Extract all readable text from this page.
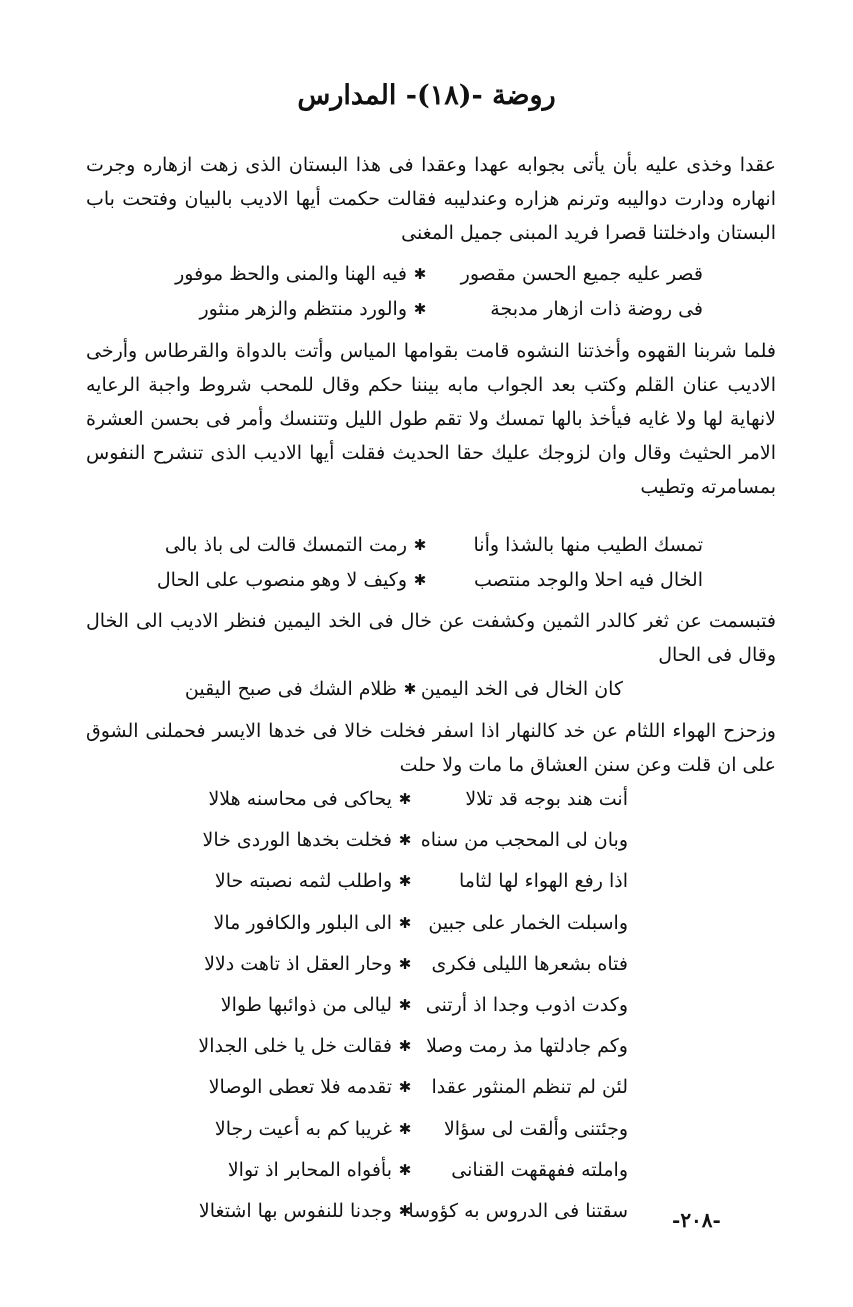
روضة -(١٨)- المدارس

عقدا وخذى عليه بأن يأتى بجوابه عهدا وعقدا فى هذا البستان الذى زهت ازهاره وجرت انهاره ودارت دواليبه وترنم هزاره وعندليبه فقالت حكمت أيها الاديب بالبيان وفتحت باب البستان وادخلتنا قصرا فريد المبنى جميل المغنى

قصر عليه جميع الحسن مقصور
✱
فيه الهنا والمنى والحظ موفور
فى روضة ذات ازهار مدبجة
✱
والورد منتظم والزهر منثور

فلما شربنا القهوه وأخذتنا النشوه قامت بقوامها المياس وأتت بالدواة والقرطاس وأرخى الاديب عنان القلم وكتب بعد الجواب مابه بيننا حكم وقال للمحب شروط واجبة الرعايه لانهاية لها ولا غايه فيأخذ بالها تمسك ولا تقم طول الليل وتتنسك وأمر فى بحسن العشرة الامر الحثيث وقال وان لزوجك عليك حقا الحديث فقلت أيها الاديب الذى تنشرح النفوس بمسامرته وتطيب

تمسك الطيب منها بالشذا وأنا
✱
رمت التمسك قالت لى باذ بالى
الخال فيه احلا والوجد منتصب
✱
وكيف لا وهو منصوب على الحال

فتبسمت عن ثغر كالدر الثمين وكشفت عن خال فى الخد اليمين فنظر الاديب الى الخال وقال فى الحال

كان الخال فى الخد اليمين
✱
ظلام الشك فى صبح اليقين

وزحزح الهواء اللثام عن خد كالنهار اذا اسفر فخلت خالا فى خدها الايسر فحملنى الشوق على ان قلت وعن سنن العشاق ما مات ولا حلت

أنت هند بوجه قد تلالا
✱
يحاكى فى محاسنه هلالا
وبان لى المحجب من سناه
✱
فخلت بخدها الوردى خالا
اذا رفع الهواء لها لثاما
✱
واطلب لثمه نصبته حالا
واسبلت الخمار على جبين
✱
الى البلور والكافور مالا
فتاه بشعرها الليلى فكرى
✱
وحار العقل اذ تاهت دلالا
وكدت اذوب وجدا اذ أرتنى
✱
ليالى من ذوائبها طوالا
وكم جادلتها مذ رمت وصلا
✱
فقالت خل يا خلى الجدالا
لئن لم تنظم المنثور عقدا
✱
تقدمه فلا تعطى الوصالا
وجئتنى وألقت لى سؤالا
✱
غريبا كم به أعيت رجالا
واملته ففهقهت القنانى
✱
بأفواه المحابر اذ توالا
سقتنا فى الدروس به كؤوسا
✱
وجدنا للنفوس بها اشتغالا	-٢٠٨-
